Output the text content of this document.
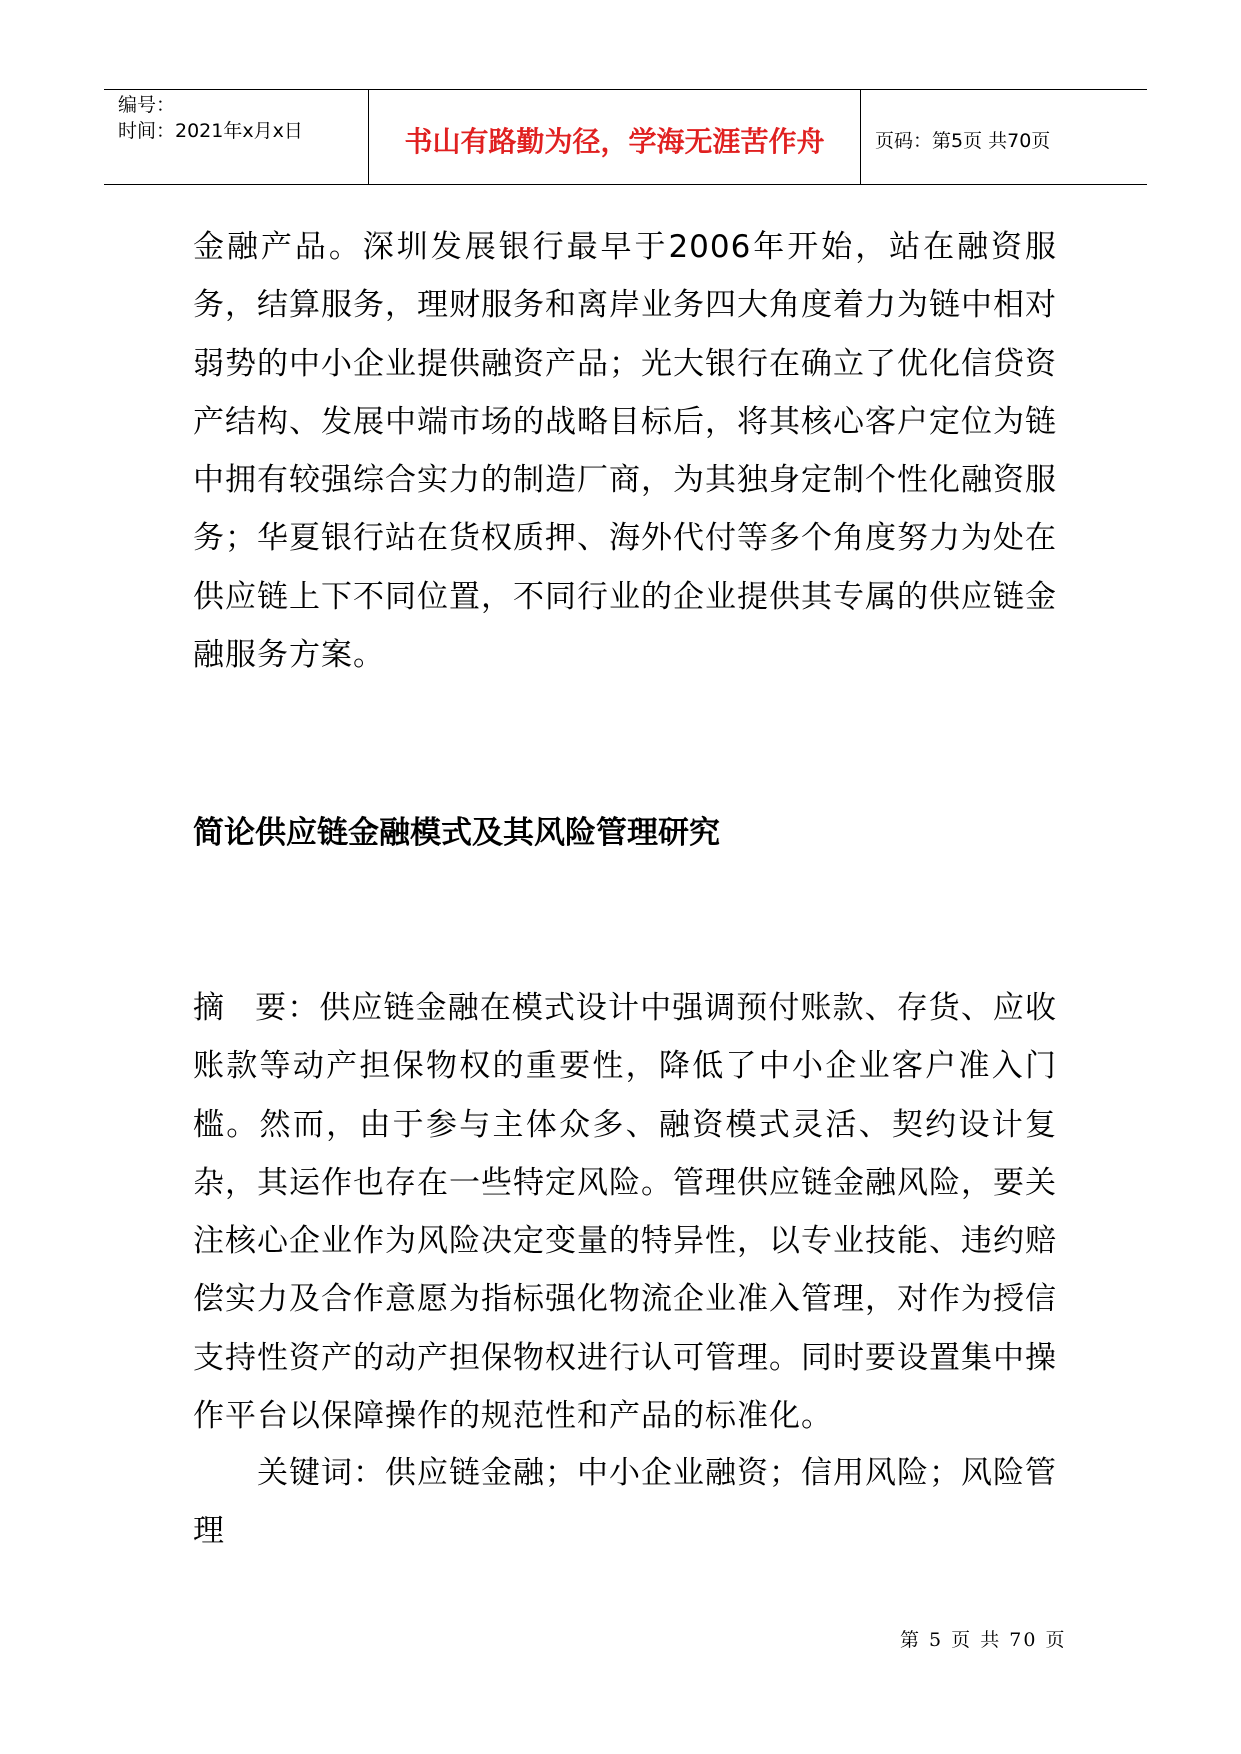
编号：
时间：2021年x月x日	书山有路勤为径，学海无涯苦作舟	页码：第5页 共70页
金融产品。深圳发展银行最早于2006年开始，站在融资服务，结算服务，理财服务和离岸业务四大角度着力为链中相对弱势的中小企业提供融资产品；光大银行在确立了优化信贷资产结构、发展中端市场的战略目标后，将其核心客户定位为链中拥有较强综合实力的制造厂商，为其独身定制个性化融资服务；华夏银行站在货权质押、海外代付等多个角度努力为处在供应链上下不同位置，不同行业的企业提供其专属的供应链金融服务方案。
简论供应链金融模式及其风险管理研究
摘 要：供应链金融在模式设计中强调预付账款、存货、应收账款等动产担保物权的重要性，降低了中小企业客户准入门槛。然而，由于参与主体众多、融资模式灵活、契约设计复杂，其运作也存在一些特定风险。管理供应链金融风险，要关注核心企业作为风险决定变量的特异性，以专业技能、违约赔偿实力及合作意愿为指标强化物流企业准入管理，对作为授信支持性资产的动产担保物权进行认可管理。同时要设置集中操作平台以保障操作的规范性和产品的标准化。
关键词：供应链金融；中小企业融资；信用风险；风险管理
第 5 页 共 70 页
